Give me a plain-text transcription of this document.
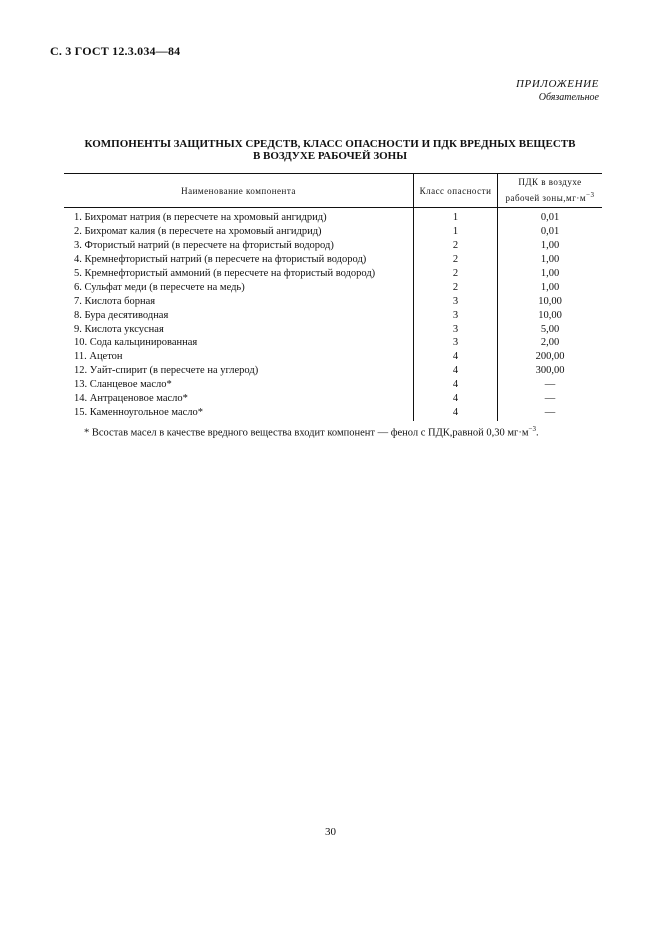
С. 3 ГОСТ 12.3.034—84
ПРИЛОЖЕНИЕ
Обязательное
КОМПОНЕНТЫ ЗАЩИТНЫХ СРЕДСТВ, КЛАСС ОПАСНОСТИ И ПДК ВРЕДНЫХ ВЕЩЕСТВ
В ВОЗДУХЕ РАБОЧЕЙ ЗОНЫ
Наименование компонента	Класс опасности	ПДК в воздухе
рабочей $зоны,мг\cdot м^{-3}$
1. Бихромат натрия (в пересчете на хромовый ангидрид)	1	0,01
2. Бихромат калия (в пересчете на хромовый ангидрид)	1	0,01
3. Фтористый натрий (в пересчете на фтористый водород)	2	1,00
4. Кремнефтористый натрий (в пересчете на фтористый водород)	2	1,00
5. Кремнефтористый аммоний (в пересчете на фтористый водород)	2	1,00
6. Сульфат меди (в пересчете на медь)	2	1,00
7. Кислота борная	3	10,00
8. Бура десятиводная	3	10,00
9. Кислота уксусная	3	5,00
10. Сода кальцинированная	3	2,00
11. Ацетон	4	200,00
12. Уайт-спирит (в пересчете на углерод)	4	300,00
13. Сланцевое масло*	4	—
14. Антраценовое масло*	4	—
15. Каменноугольное масло*	4	—
* Всостав масел в качестве вредного вещества входит компонент — фенол с ПДК,равной 0,30 $мг\cdot м^{-3}$.
30
